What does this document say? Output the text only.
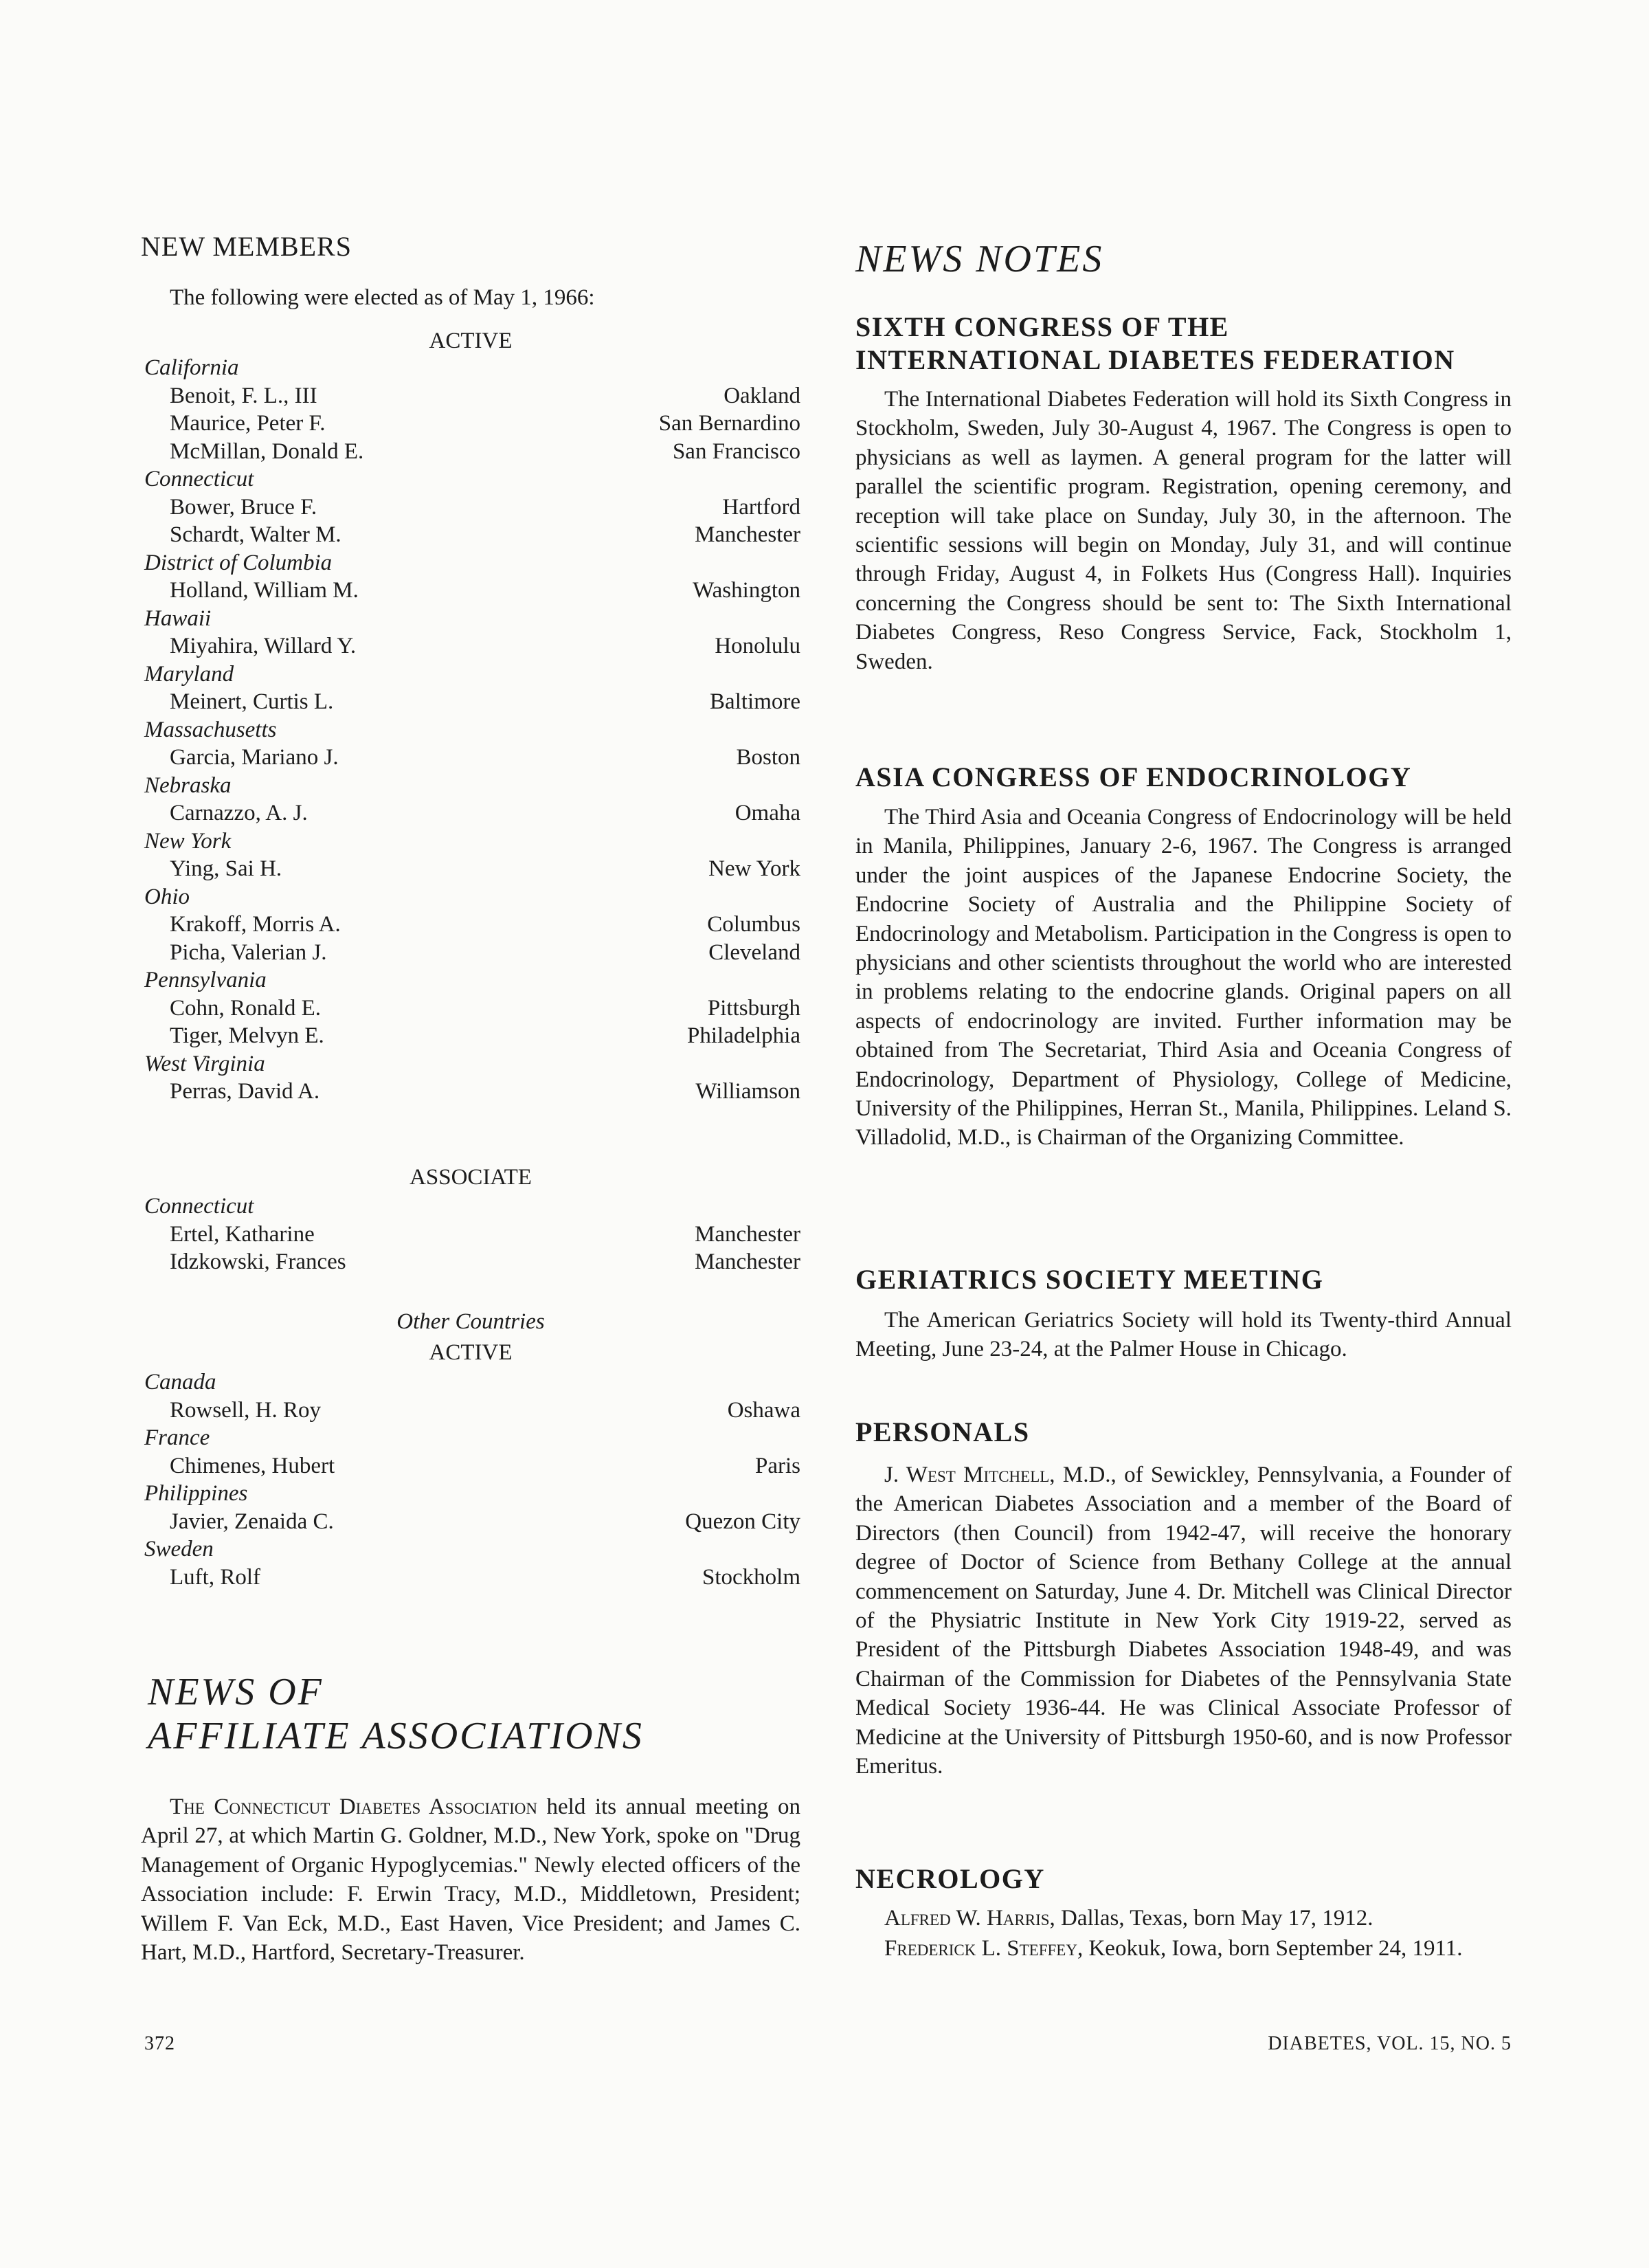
NEW MEMBERS
The following were elected as of May 1, 1966:
ACTIVE
California
Benoit, F. L., III	Oakland
Maurice, Peter F.	San Bernardino
McMillan, Donald E.	San Francisco
Connecticut
Bower, Bruce F.	Hartford
Schardt, Walter M.	Manchester
District of Columbia
Holland, William M.	Washington
Hawaii
Miyahira, Willard Y.	Honolulu
Maryland
Meinert, Curtis L.	Baltimore
Massachusetts
Garcia, Mariano J.	Boston
Nebraska
Carnazzo, A. J.	Omaha
New York
Ying, Sai H.	New York
Ohio
Krakoff, Morris A.	Columbus
Picha, Valerian J.	Cleveland
Pennsylvania
Cohn, Ronald E.	Pittsburgh
Tiger, Melvyn E.	Philadelphia
West Virginia
Perras, David A.	Williamson
ASSOCIATE
Connecticut
Ertel, Katharine	Manchester
Idzkowski, Frances	Manchester
Other Countries
ACTIVE
Canada
Rowsell, H. Roy	Oshawa
France
Chimenes, Hubert	Paris
Philippines
Javier, Zenaida C.	Quezon City
Sweden
Luft, Rolf	Stockholm
NEWS OF
AFFILIATE ASSOCIATIONS

The Connecticut Diabetes Association held its annual meeting on April 27, at which Martin G. Goldner, M.D., New York, spoke on "Drug Management of Organic Hypoglycemias." Newly elected officers of the Association include: F. Erwin Tracy, M.D., Middletown, President; Willem F. Van Eck, M.D., East Haven, Vice President; and James C. Hart, M.D., Hartford, Secretary-Treasurer.

372
NEWS NOTES
SIXTH CONGRESS OF THE
INTERNATIONAL DIABETES FEDERATION

The International Diabetes Federation will hold its Sixth Congress in Stockholm, Sweden, July 30-August 4, 1967. The Congress is open to physicians as well as laymen. A general program for the latter will parallel the scientific program. Registration, opening ceremony, and reception will take place on Sunday, July 30, in the afternoon. The scientific sessions will begin on Monday, July 31, and will continue through Friday, August 4, in Folkets Hus (Congress Hall). Inquiries concerning the Congress should be sent to: The Sixth International Diabetes Congress, Reso Congress Service, Fack, Stockholm 1, Sweden.

ASIA CONGRESS OF ENDOCRINOLOGY

The Third Asia and Oceania Congress of Endocrinology will be held in Manila, Philippines, January 2-6, 1967. The Congress is arranged under the joint auspices of the Japanese Endocrine Society, the Endocrine Society of Australia and the Philippine Society of Endocrinology and Metabolism. Participation in the Congress is open to physicians and other scientists throughout the world who are interested in problems relating to the endocrine glands. Original papers on all aspects of endocrinology are invited. Further information may be obtained from The Secretariat, Third Asia and Oceania Congress of Endocrinology, Department of Physiology, College of Medicine, University of the Philippines, Herran St., Manila, Philippines. Leland S. Villadolid, M.D., is Chairman of the Organizing Committee.

GERIATRICS SOCIETY MEETING

The American Geriatrics Society will hold its Twenty-third Annual Meeting, June 23-24, at the Palmer House in Chicago.

PERSONALS

J. West Mitchell, M.D., of Sewickley, Pennsylvania, a Founder of the American Diabetes Association and a member of the Board of Directors (then Council) from 1942-47, will receive the honorary degree of Doctor of Science from Bethany College at the annual commencement on Saturday, June 4. Dr. Mitchell was Clinical Director of the Physiatric Institute in New York City 1919-22, served as President of the Pittsburgh Diabetes Association 1948-49, and was Chairman of the Commission for Diabetes of the Pennsylvania State Medical Society 1936-44. He was Clinical Associate Professor of Medicine at the University of Pittsburgh 1950-60, and is now Professor Emeritus.

NECROLOGY

Alfred W. Harris, Dallas, Texas, born May 17, 1912.

Frederick L. Steffey, Keokuk, Iowa, born September 24, 1911.

DIABETES, VOL. 15, NO. 5
